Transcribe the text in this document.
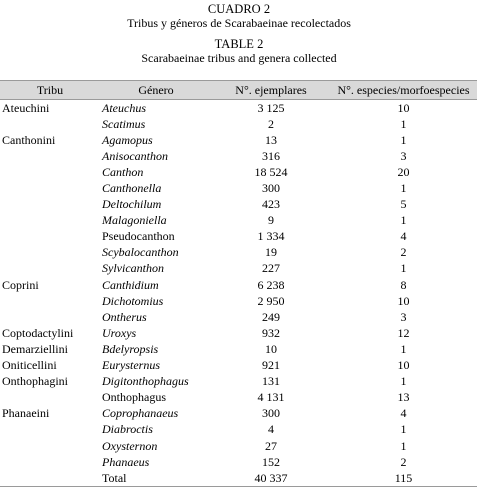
CUADRO 2
Tribus y géneros de Scarabaeinae recolectados
TABLE 2
Scarabaeinae tribus and genera collected
Tribu	Género	N°. ejemplares	N°. especies/morfoespecies
Ateuchini	Ateuchus	3 125	10
	Scatimus	2	1
Canthonini	Agamopus	13	1
	Anisocanthon	316	3
	Canthon	18 524	20
	Canthonella	300	1
	Deltochilum	423	5
	Malagoniella	9	1
	Pseudocanthon	1 334	4
	Scybalocanthon	19	2
	Sylvicanthon	227	1
Coprini	Canthidium	6 238	8
	Dichotomius	2 950	10
	Ontherus	249	3
Coptodactylini	Uroxys	932	12
Demarziellini	Bdelyropsis	10	1
Oniticellini	Eurysternus	921	10
Onthophagini	Digitonthophagus	131	1
	Onthophagus	4 131	13
Phanaeini	Coprophanaeus	300	4
	Diabroctis	4	1
	Oxysternon	27	1
	Phanaeus	152	2
	Total	40 337	115
